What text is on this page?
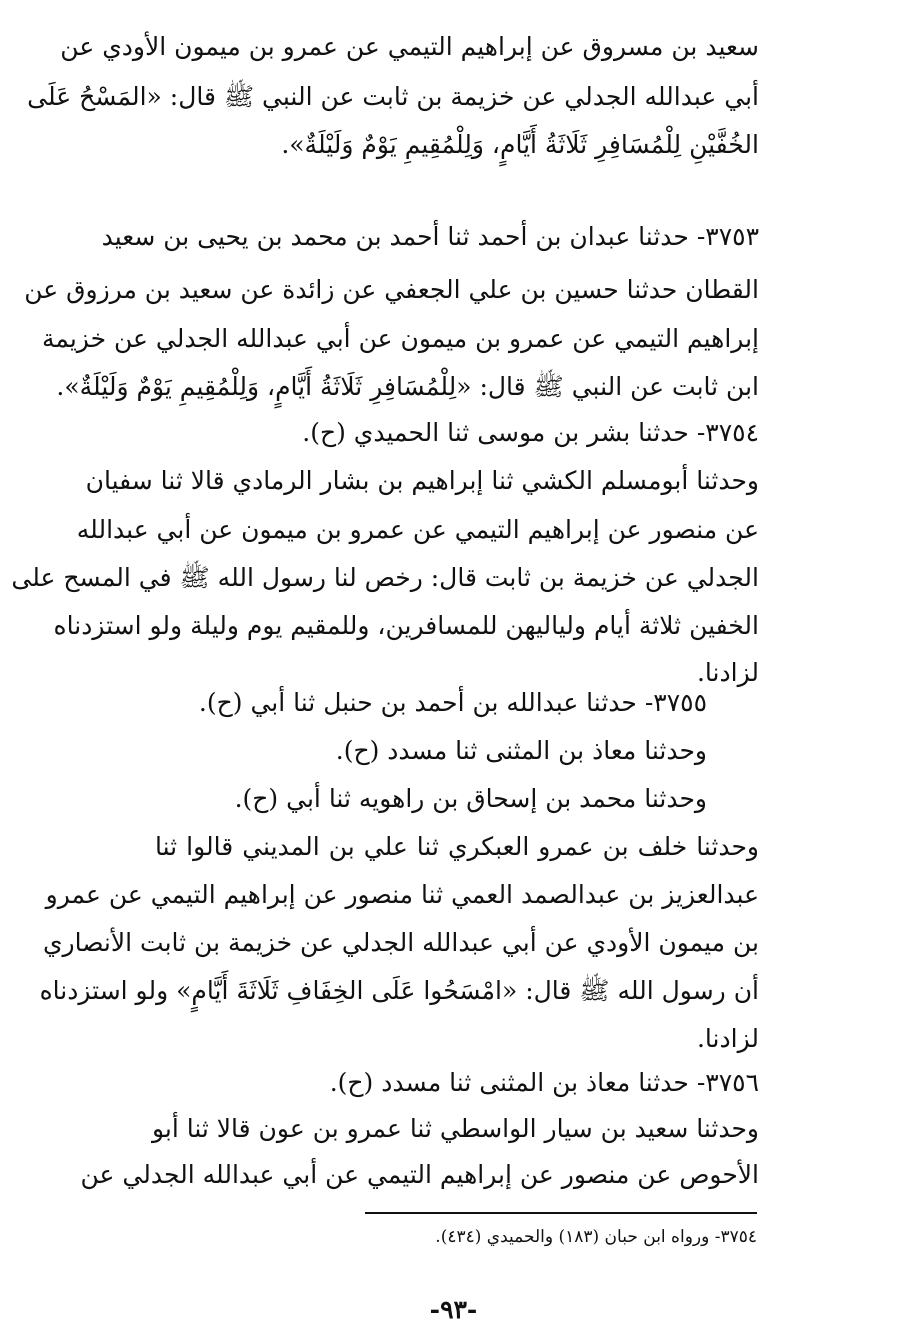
سعيد بن مسروق عن إبراهيم التيمي عن عمرو بن ميمون الأودي عن
أبي عبدالله الجدلي عن خزيمة بن ثابت عن النبي ﷺ قال: «المَسْحُ عَلَى
الخُفَّيْنِ لِلْمُسَافِرِ ثَلَاثَةُ أَيَّامٍ، وَلِلْمُقِيمِ يَوْمٌ وَلَيْلَةٌ».
٣٧٥٣- حدثنا عبدان بن أحمد ثنا أحمد بن محمد بن يحيى بن سعيد
القطان حدثنا حسين بن علي الجعفي عن زائدة عن سعيد بن مرزوق عن
إبراهيم التيمي عن عمرو بن ميمون عن أبي عبدالله الجدلي عن خزيمة
ابن ثابت عن النبي ﷺ قال: «لِلْمُسَافِرِ ثَلَاثَةُ أَيَّامٍ، وَلِلْمُقِيمِ يَوْمٌ وَلَيْلَةٌ».
٣٧٥٤- حدثنا بشر بن موسى ثنا الحميدي (ح).
وحدثنا أبومسلم الكشي ثنا إبراهيم بن بشار الرمادي قالا ثنا سفيان
عن منصور عن إبراهيم التيمي عن عمرو بن ميمون عن أبي عبدالله
الجدلي عن خزيمة بن ثابت قال: رخص لنا رسول الله ﷺ في المسح على
الخفين ثلاثة أيام ولياليهن للمسافرين، وللمقيم يوم وليلة ولو استزدناه
لزادنا.
٣٧٥٥- حدثنا عبدالله بن أحمد بن حنبل ثنا أبي (ح).
وحدثنا معاذ بن المثنى ثنا مسدد (ح).
وحدثنا محمد بن إسحاق بن راهويه ثنا أبي (ح).
وحدثنا خلف بن عمرو العبكري ثنا علي بن المديني قالوا ثنا
عبدالعزيز بن عبدالصمد العمي ثنا منصور عن إبراهيم التيمي عن عمرو
بن ميمون الأودي عن أبي عبدالله الجدلي عن خزيمة بن ثابت الأنصاري
أن رسول الله ﷺ قال: «امْسَحُوا عَلَى الخِفَافِ ثَلَاثَةَ أَيَّامٍ» ولو استزدناه
لزادنا.
٣٧٥٦- حدثنا معاذ بن المثنى ثنا مسدد (ح).
وحدثنا سعيد بن سيار الواسطي ثنا عمرو بن عون قالا ثنا أبو
الأحوص عن منصور عن إبراهيم التيمي عن أبي عبدالله الجدلي عن
٣٧٥٤- ورواه ابن حبان (١٨٣) والحميدي (٤٣٤).
-٩٣-
